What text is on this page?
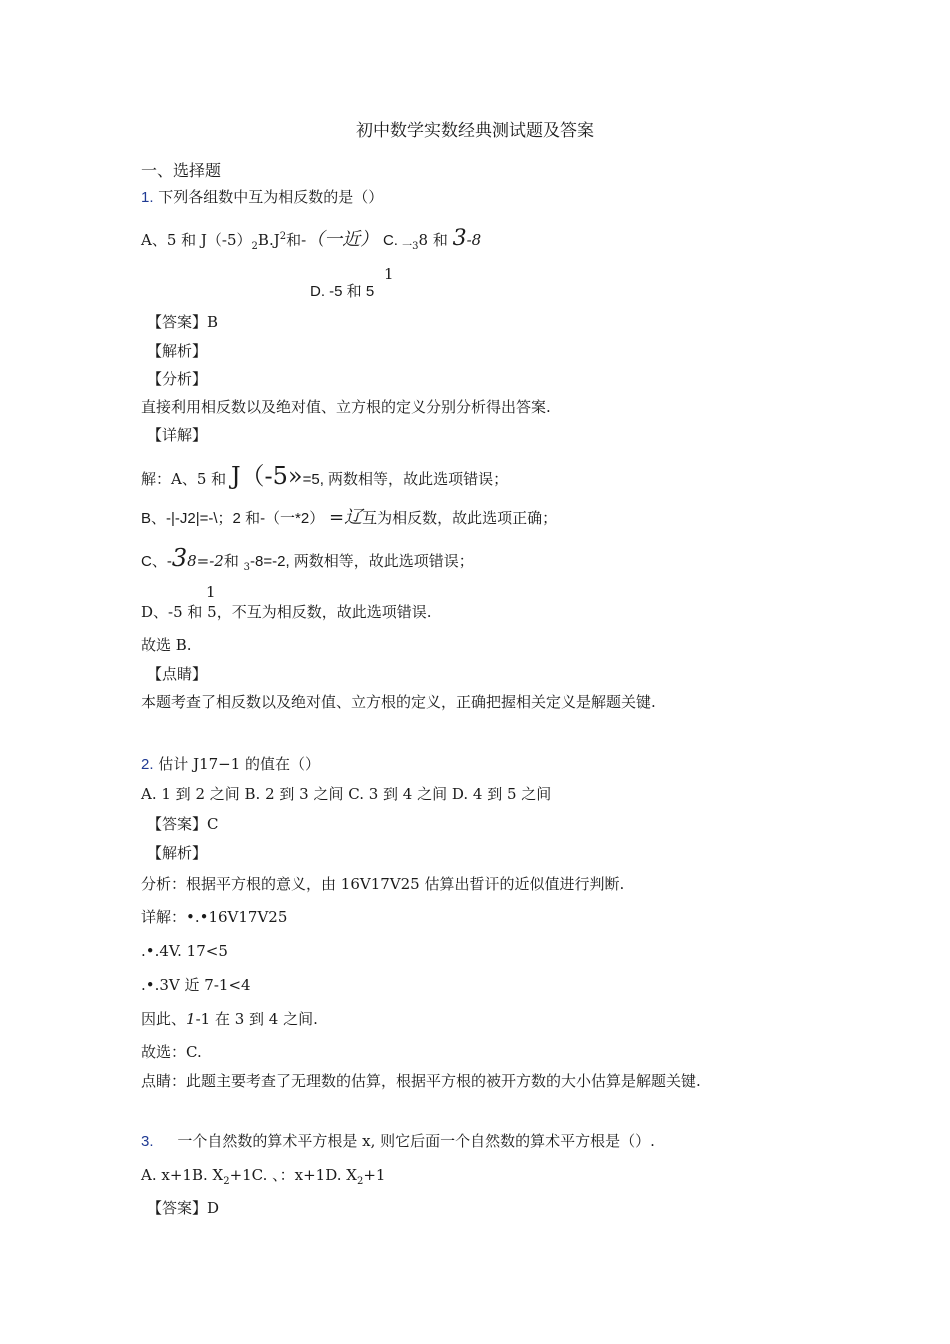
初中数学实数经典测试题及答案
一、选择题
1. 下列各组数中互为相反数的是（）
A、5 和 $J(-5)_2B.J^2$和-（一近） C. $_{一3}$8 和 3-8
1
D. -5 和 5
【答案】B
【解析】
【分析】
直接利用相反数以及绝对值、立方根的定义分别分析得出答案.
【详解】
解：A、5 和 J（-5»=5, 两数相等，故此选项错误；
B、-|-J2|=-\；2 和-（一*2） =辽互为相反数，故此选项正确；
C、-38=-2和 $_3$-8=-2, 两数相等，故此选项错误；
1
D、-5 和 5，不互为相反数，故此选项错误.
故选 B.
【点睛】
本题考查了相反数以及绝对值、立方根的定义，正确把握相关定义是解题关键.
2. 估计 J17−1 的值在（）
A. 1 到 2 之间 B. 2 到 3 之间 C. 3 到 4 之间 D. 4 到 5 之间
【答案】C
【解析】
分析：根据平方根的意义，由 16V17V25 估算出晢讦的近似值进行判断.
详解：•.•16V17V25
.•.4V. 17<5
.•.3V 近 7-1<4
因此、1-1 在 3 到 4 之间.
故选：C.
点睛：此题主要考查了无理数的估算，根据平方根的被开方数的大小估算是解题关键.
3. 一个自然数的算术平方根是 x, 则它后面一个自然数的算术平方根是（）.
A. x+1B. $X_2+1C$. 、：x+1D. $X_2+1$
【答案】D
